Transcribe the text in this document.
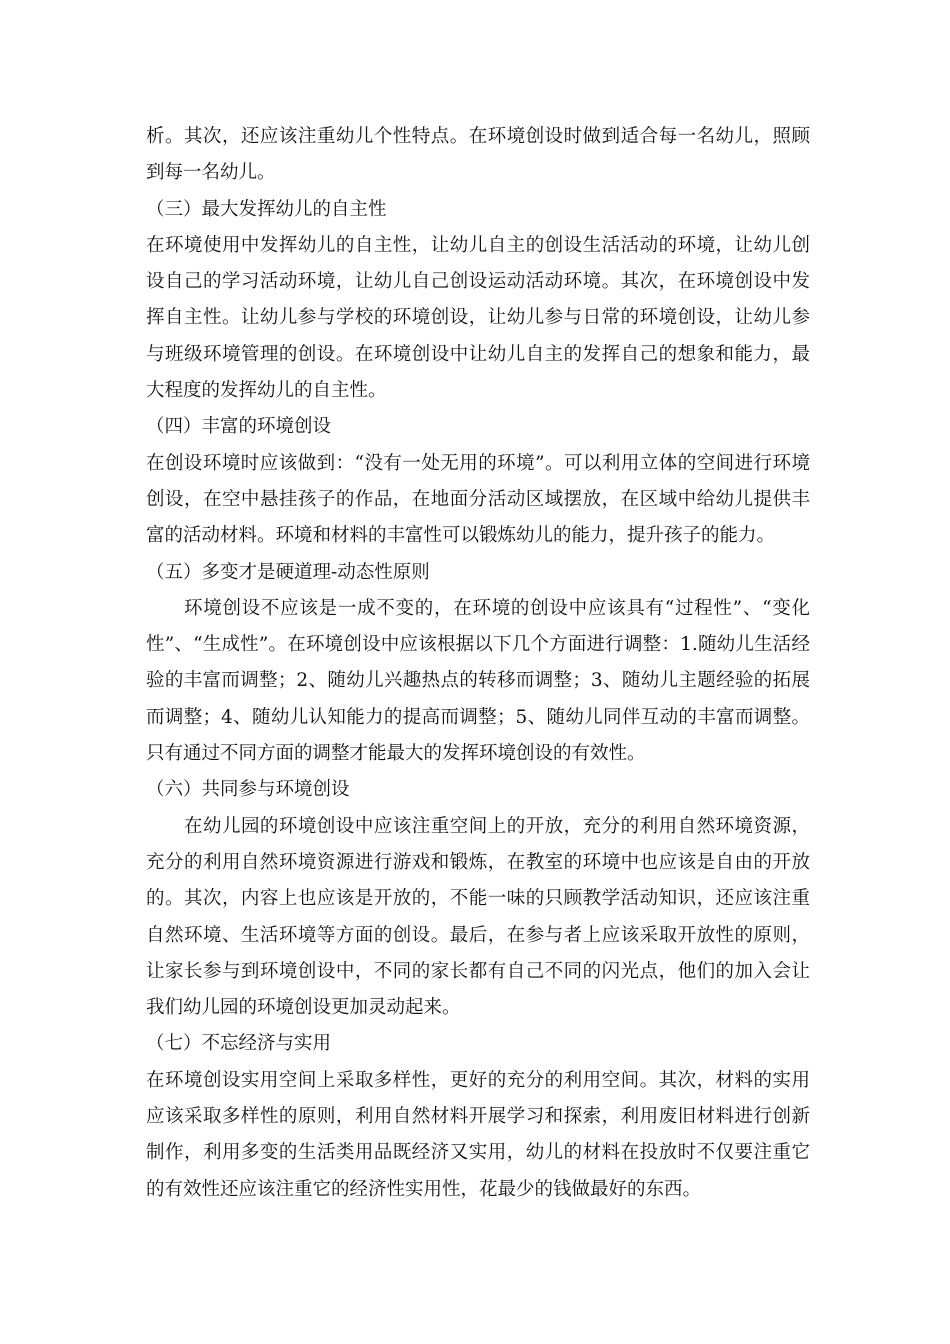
析。其次，还应该注重幼儿个性特点。在环境创设时做到适合每一名幼儿，照顾到每一名幼儿。

（三）最大发挥幼儿的自主性

在环境使用中发挥幼儿的自主性，让幼儿自主的创设生活活动的环境，让幼儿创设自己的学习活动环境，让幼儿自己创设运动活动环境。其次，在环境创设中发挥自主性。让幼儿参与学校的环境创设，让幼儿参与日常的环境创设，让幼儿参与班级环境管理的创设。在环境创设中让幼儿自主的发挥自己的想象和能力，最大程度的发挥幼儿的自主性。

（四）丰富的环境创设

在创设环境时应该做到：“没有一处无用的环境”。可以利用立体的空间进行环境创设，在空中悬挂孩子的作品，在地面分活动区域摆放，在区域中给幼儿提供丰富的活动材料。环境和材料的丰富性可以锻炼幼儿的能力，提升孩子的能力。

（五）多变才是硬道理-动态性原则

环境创设不应该是一成不变的，在环境的创设中应该具有“过程性”、“变化性”、“生成性”。在环境创设中应该根据以下几个方面进行调整：1.随幼儿生活经验的丰富而调整；2、随幼儿兴趣热点的转移而调整；3、随幼儿主题经验的拓展而调整；4、随幼儿认知能力的提高而调整；5、随幼儿同伴互动的丰富而调整。只有通过不同方面的调整才能最大的发挥环境创设的有效性。

（六）共同参与环境创设

在幼儿园的环境创设中应该注重空间上的开放，充分的利用自然环境资源，充分的利用自然环境资源进行游戏和锻炼，在教室的环境中也应该是自由的开放的。其次，内容上也应该是开放的，不能一味的只顾教学活动知识，还应该注重自然环境、生活环境等方面的创设。最后，在参与者上应该采取开放性的原则，让家长参与到环境创设中，不同的家长都有自己不同的闪光点，他们的加入会让我们幼儿园的环境创设更加灵动起来。

（七）不忘经济与实用

在环境创设实用空间上采取多样性，更好的充分的利用空间。其次，材料的实用应该采取多样性的原则，利用自然材料开展学习和探索，利用废旧材料进行创新制作，利用多变的生活类用品既经济又实用，幼儿的材料在投放时不仅要注重它的有效性还应该注重它的经济性实用性，花最少的钱做最好的东西。
